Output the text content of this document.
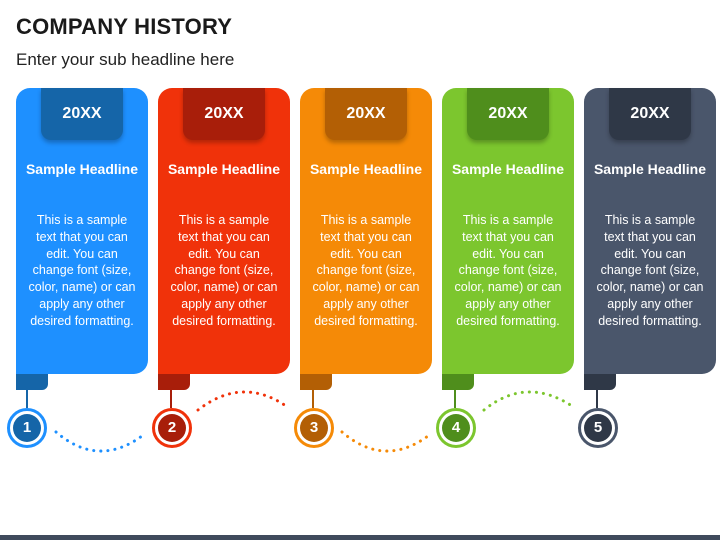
COMPANY HISTORY
Enter your sub headline here
20XX
Sample Headline
This is a sample text that you can edit. You can change font (size, color, name) or can apply any other desired formatting.
1
20XX
Sample Headline
This is a sample text that you can edit. You can change font (size, color, name) or can apply any other desired formatting.
2
20XX
Sample Headline
This is a sample text that you can edit. You can change font (size, color, name) or can apply any other desired formatting.
3
20XX
Sample Headline
This is a sample text that you can edit. You can change font (size, color, name) or can apply any other desired formatting.
4
20XX
Sample Headline
This is a sample text that you can edit. You can change font (size, color, name) or can apply any other desired formatting.
5
